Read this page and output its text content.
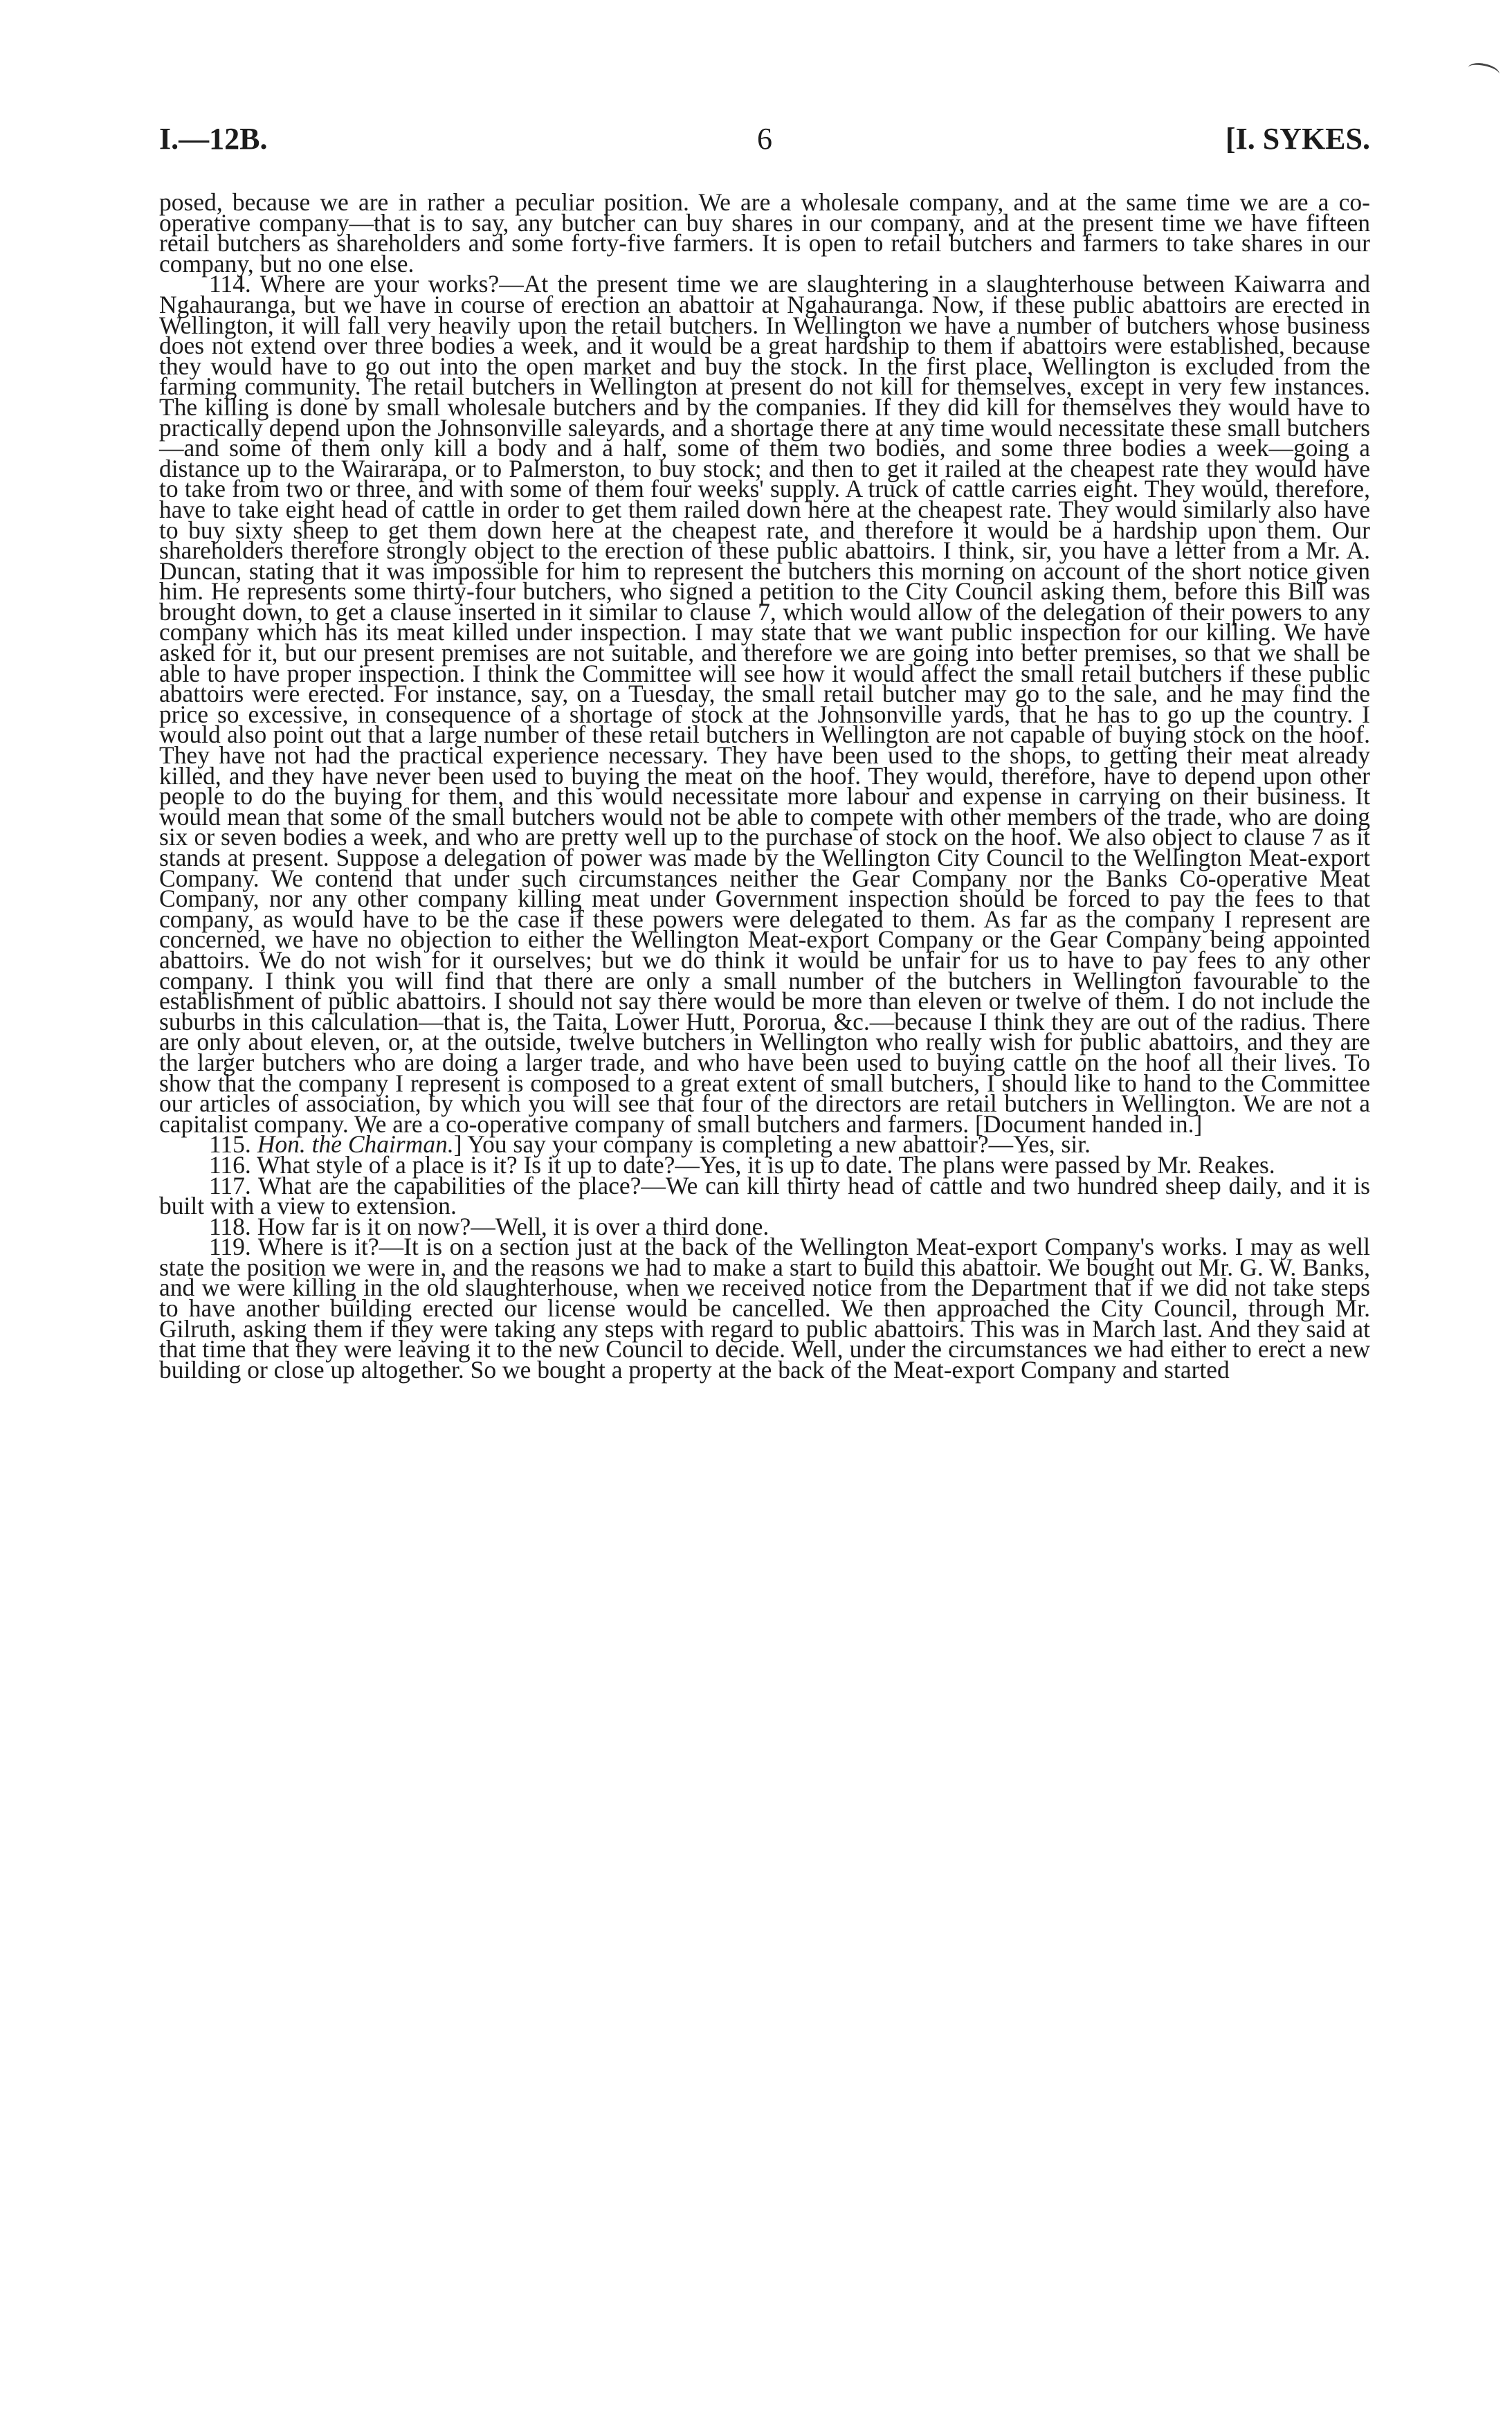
I.—12B.	6	[I. SYKES.

posed, because we are in rather a peculiar position. We are a wholesale company, and at the same time we are a co-operative company—that is to say, any butcher can buy shares in our company, and at the present time we have fifteen retail butchers as shareholders and some forty-five farmers. It is open to retail butchers and farmers to take shares in our company, but no one else.

114. Where are your works?—At the present time we are slaughtering in a slaughterhouse between Kaiwarra and Ngahauranga, but we have in course of erection an abattoir at Ngahauranga. Now, if these public abattoirs are erected in Wellington, it will fall very heavily upon the retail butchers. In Wellington we have a number of butchers whose business does not extend over three bodies a week, and it would be a great hardship to them if abattoirs were established, because they would have to go out into the open market and buy the stock. In the first place, Wellington is excluded from the farming community. The retail butchers in Wellington at present do not kill for themselves, except in very few instances. The killing is done by small wholesale butchers and by the companies. If they did kill for themselves they would have to practically depend upon the Johnsonville saleyards, and a shortage there at any time would necessitate these small butchers—and some of them only kill a body and a half, some of them two bodies, and some three bodies a week—going a distance up to the Wairarapa, or to Palmerston, to buy stock; and then to get it railed at the cheapest rate they would have to take from two or three, and with some of them four weeks' supply. A truck of cattle carries eight. They would, therefore, have to take eight head of cattle in order to get them railed down here at the cheapest rate. They would similarly also have to buy sixty sheep to get them down here at the cheapest rate, and therefore it would be a hardship upon them. Our shareholders therefore strongly object to the erection of these public abattoirs. I think, sir, you have a letter from a Mr. A. Duncan, stating that it was impossible for him to represent the butchers this morning on account of the short notice given him. He represents some thirty-four butchers, who signed a petition to the City Council asking them, before this Bill was brought down, to get a clause inserted in it similar to clause 7, which would allow of the delegation of their powers to any company which has its meat killed under inspection. I may state that we want public inspection for our killing. We have asked for it, but our present premises are not suitable, and therefore we are going into better premises, so that we shall be able to have proper inspection. I think the Committee will see how it would affect the small retail butchers if these public abattoirs were erected. For instance, say, on a Tuesday, the small retail butcher may go to the sale, and he may find the price so excessive, in consequence of a shortage of stock at the Johnsonville yards, that he has to go up the country. I would also point out that a large number of these retail butchers in Wellington are not capable of buying stock on the hoof. They have not had the practical experience necessary. They have been used to the shops, to getting their meat already killed, and they have never been used to buying the meat on the hoof. They would, therefore, have to depend upon other people to do the buying for them, and this would necessitate more labour and expense in carrying on their business. It would mean that some of the small butchers would not be able to compete with other members of the trade, who are doing six or seven bodies a week, and who are pretty well up to the purchase of stock on the hoof. We also object to clause 7 as it stands at present. Suppose a delegation of power was made by the Wellington City Council to the Wellington Meat-export Company. We contend that under such circumstances neither the Gear Company nor the Banks Co-operative Meat Company, nor any other company killing meat under Government inspection should be forced to pay the fees to that company, as would have to be the case if these powers were delegated to them. As far as the company I represent are concerned, we have no objection to either the Wellington Meat-export Company or the Gear Company being appointed abattoirs. We do not wish for it ourselves; but we do think it would be unfair for us to have to pay fees to any other company. I think you will find that there are only a small number of the butchers in Wellington favourable to the establishment of public abattoirs. I should not say there would be more than eleven or twelve of them. I do not include the suburbs in this calculation—that is, the Taita, Lower Hutt, Pororua, &c.—because I think they are out of the radius. There are only about eleven, or, at the outside, twelve butchers in Wellington who really wish for public abattoirs, and they are the larger butchers who are doing a larger trade, and who have been used to buying cattle on the hoof all their lives. To show that the company I represent is composed to a great extent of small butchers, I should like to hand to the Committee our articles of association, by which you will see that four of the directors are retail butchers in Wellington. We are not a capitalist company. We are a co-operative company of small butchers and farmers. [Document handed in.]

115. Hon. the Chairman.] You say your company is completing a new abattoir?—Yes, sir.

116. What style of a place is it? Is it up to date?—Yes, it is up to date. The plans were passed by Mr. Reakes.

117. What are the capabilities of the place?—We can kill thirty head of cattle and two hundred sheep daily, and it is built with a view to extension.

118. How far is it on now?—Well, it is over a third done.

119. Where is it?—It is on a section just at the back of the Wellington Meat-export Company's works. I may as well state the position we were in, and the reasons we had to make a start to build this abattoir. We bought out Mr. G. W. Banks, and we were killing in the old slaughterhouse, when we received notice from the Department that if we did not take steps to have another building erected our license would be cancelled. We then approached the City Council, through Mr. Gilruth, asking them if they were taking any steps with regard to public abattoirs. This was in March last. And they said at that time that they were leaving it to the new Council to decide. Well, under the circumstances we had either to erect a new building or close up altogether. So we bought a property at the back of the Meat-export Company and started
